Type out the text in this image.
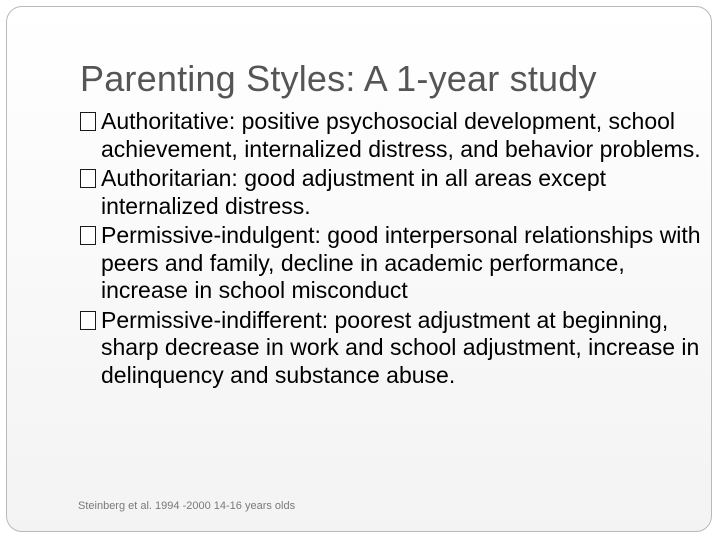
Parenting Styles: A 1-year study
Authoritative: positive psychosocial development, school achievement, internalized distress, and behavior problems.
Authoritarian: good adjustment in all areas except internalized distress.
Permissive-indulgent: good interpersonal relationships with peers and family, decline in academic performance, increase in school misconduct
Permissive-indifferent: poorest adjustment at beginning, sharp decrease in work and school adjustment, increase in delinquency and substance abuse.
Steinberg et al. 1994 -2000 14-16 years olds
